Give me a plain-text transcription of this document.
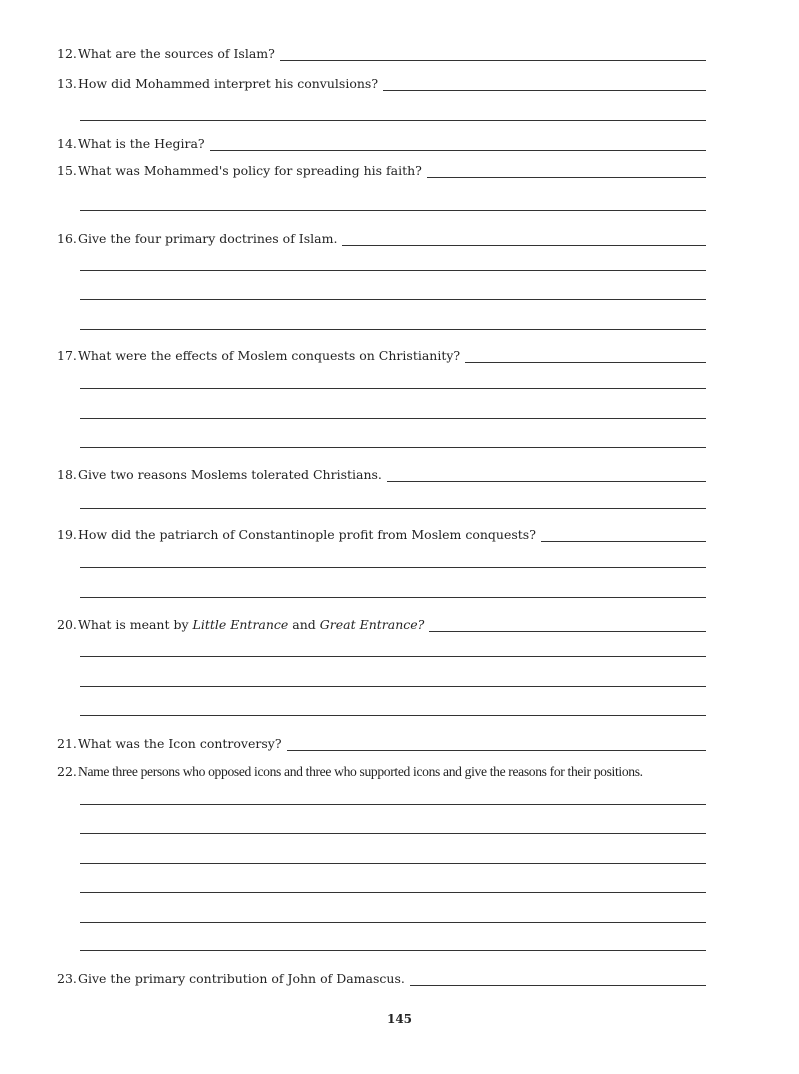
12. What are the sources of Islam?
13. How did Mohammed interpret his convulsions?
14. What is the Hegira?
15. What was Mohammed's policy for spreading his faith?
16. Give the four primary doctrines of Islam.
17. What were the effects of Moslem conquests on Christianity?
18. Give two reasons Moslems tolerated Christians.
19. How did the patriarch of Constantinople profit from Moslem conquests?
20. What is meant by Little Entrance and Great Entrance?
21. What was the Icon controversy?
22. Name three persons who opposed icons and three who supported icons and give the reasons for their positions.
23. Give the primary contribution of John of Damascus.
145
